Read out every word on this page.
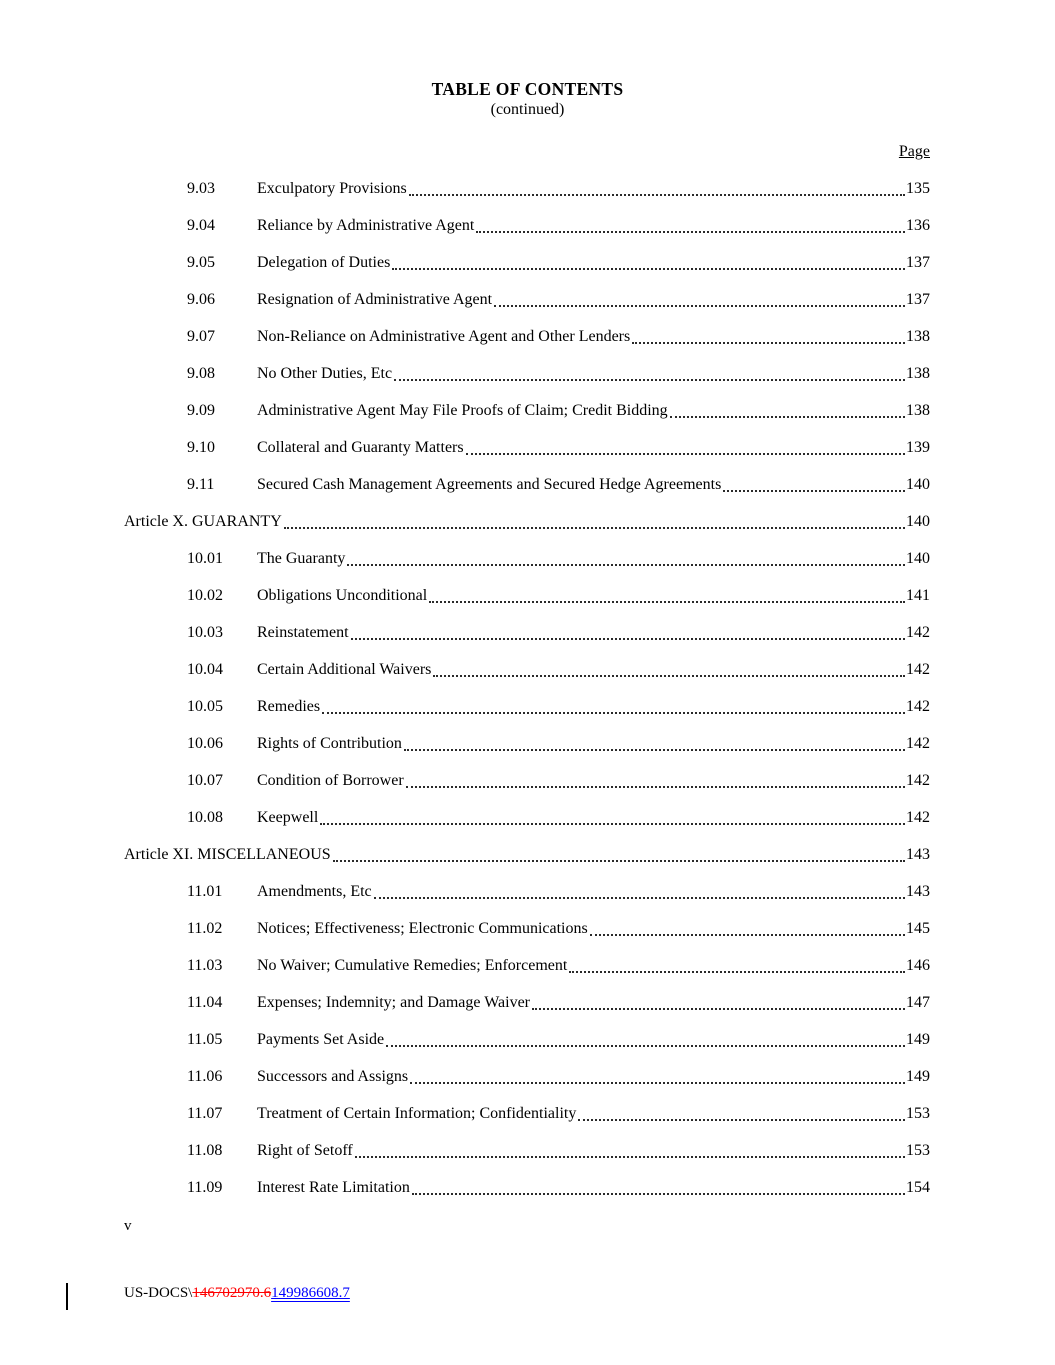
TABLE OF CONTENTS
(continued)
Page
9.03	Exculpatory Provisions	135
9.04	Reliance by Administrative Agent	136
9.05	Delegation of Duties	137
9.06	Resignation of Administrative Agent	137
9.07	Non-Reliance on Administrative Agent and Other Lenders	138
9.08	No Other Duties, Etc	138
9.09	Administrative Agent May File Proofs of Claim; Credit Bidding	138
9.10	Collateral and Guaranty Matters	139
9.11	Secured Cash Management Agreements and Secured Hedge Agreements	140
Article X. GUARANTY	140
10.01	The Guaranty	140
10.02	Obligations Unconditional	141
10.03	Reinstatement	142
10.04	Certain Additional Waivers	142
10.05	Remedies	142
10.06	Rights of Contribution	142
10.07	Condition of Borrower	142
10.08	Keepwell	142
Article XI. MISCELLANEOUS	143
11.01	Amendments, Etc	143
11.02	Notices; Effectiveness; Electronic Communications	145
11.03	No Waiver; Cumulative Remedies; Enforcement	146
11.04	Expenses; Indemnity; and Damage Waiver	147
11.05	Payments Set Aside	149
11.06	Successors and Assigns	149
11.07	Treatment of Certain Information; Confidentiality	153
11.08	Right of Setoff	153
11.09	Interest Rate Limitation	154
v
US-DOCS\146702970.6149986608.7
